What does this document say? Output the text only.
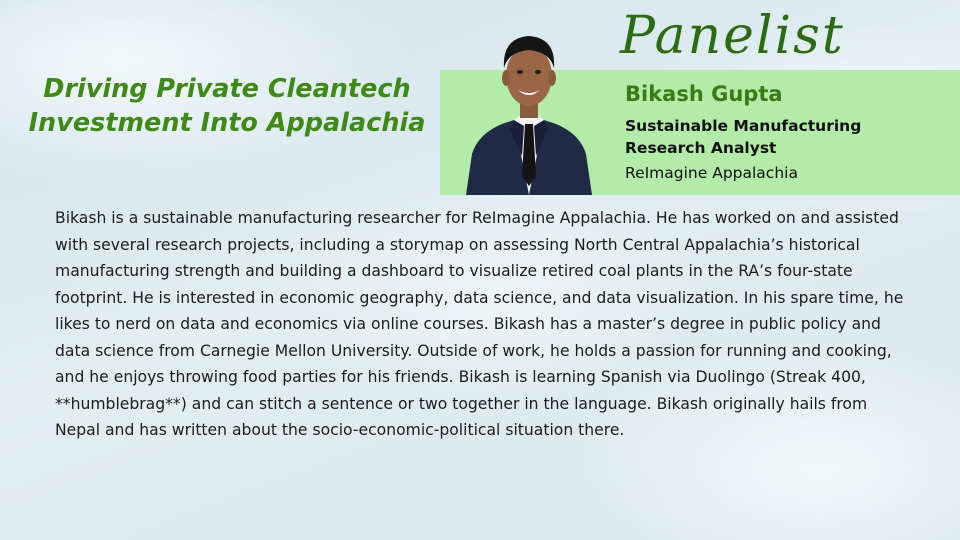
Driving Private Cleantech Investment Into Appalachia
Panelist
Bikash Gupta
Sustainable Manufacturing Research Analyst
ReImagine Appalachia

Bikash is a sustainable manufacturing researcher for ReImagine Appalachia. He has worked on and assisted with several research projects, including a storymap on assessing North Central Appalachia’s historical manufacturing strength and building a dashboard to visualize retired coal plants in the RA’s four-state footprint. He is interested in economic geography, data science, and data visualization. In his spare time, he likes to nerd on data and economics via online courses. Bikash has a master’s degree in public policy and data science from Carnegie Mellon University. Outside of work, he holds a passion for running and cooking, and he enjoys throwing food parties for his friends. Bikash is learning Spanish via Duolingo (Streak 400, **humblebrag**) and can stitch a sentence or two together in the language. Bikash originally hails from Nepal and has written about the socio-economic-political situation there.
